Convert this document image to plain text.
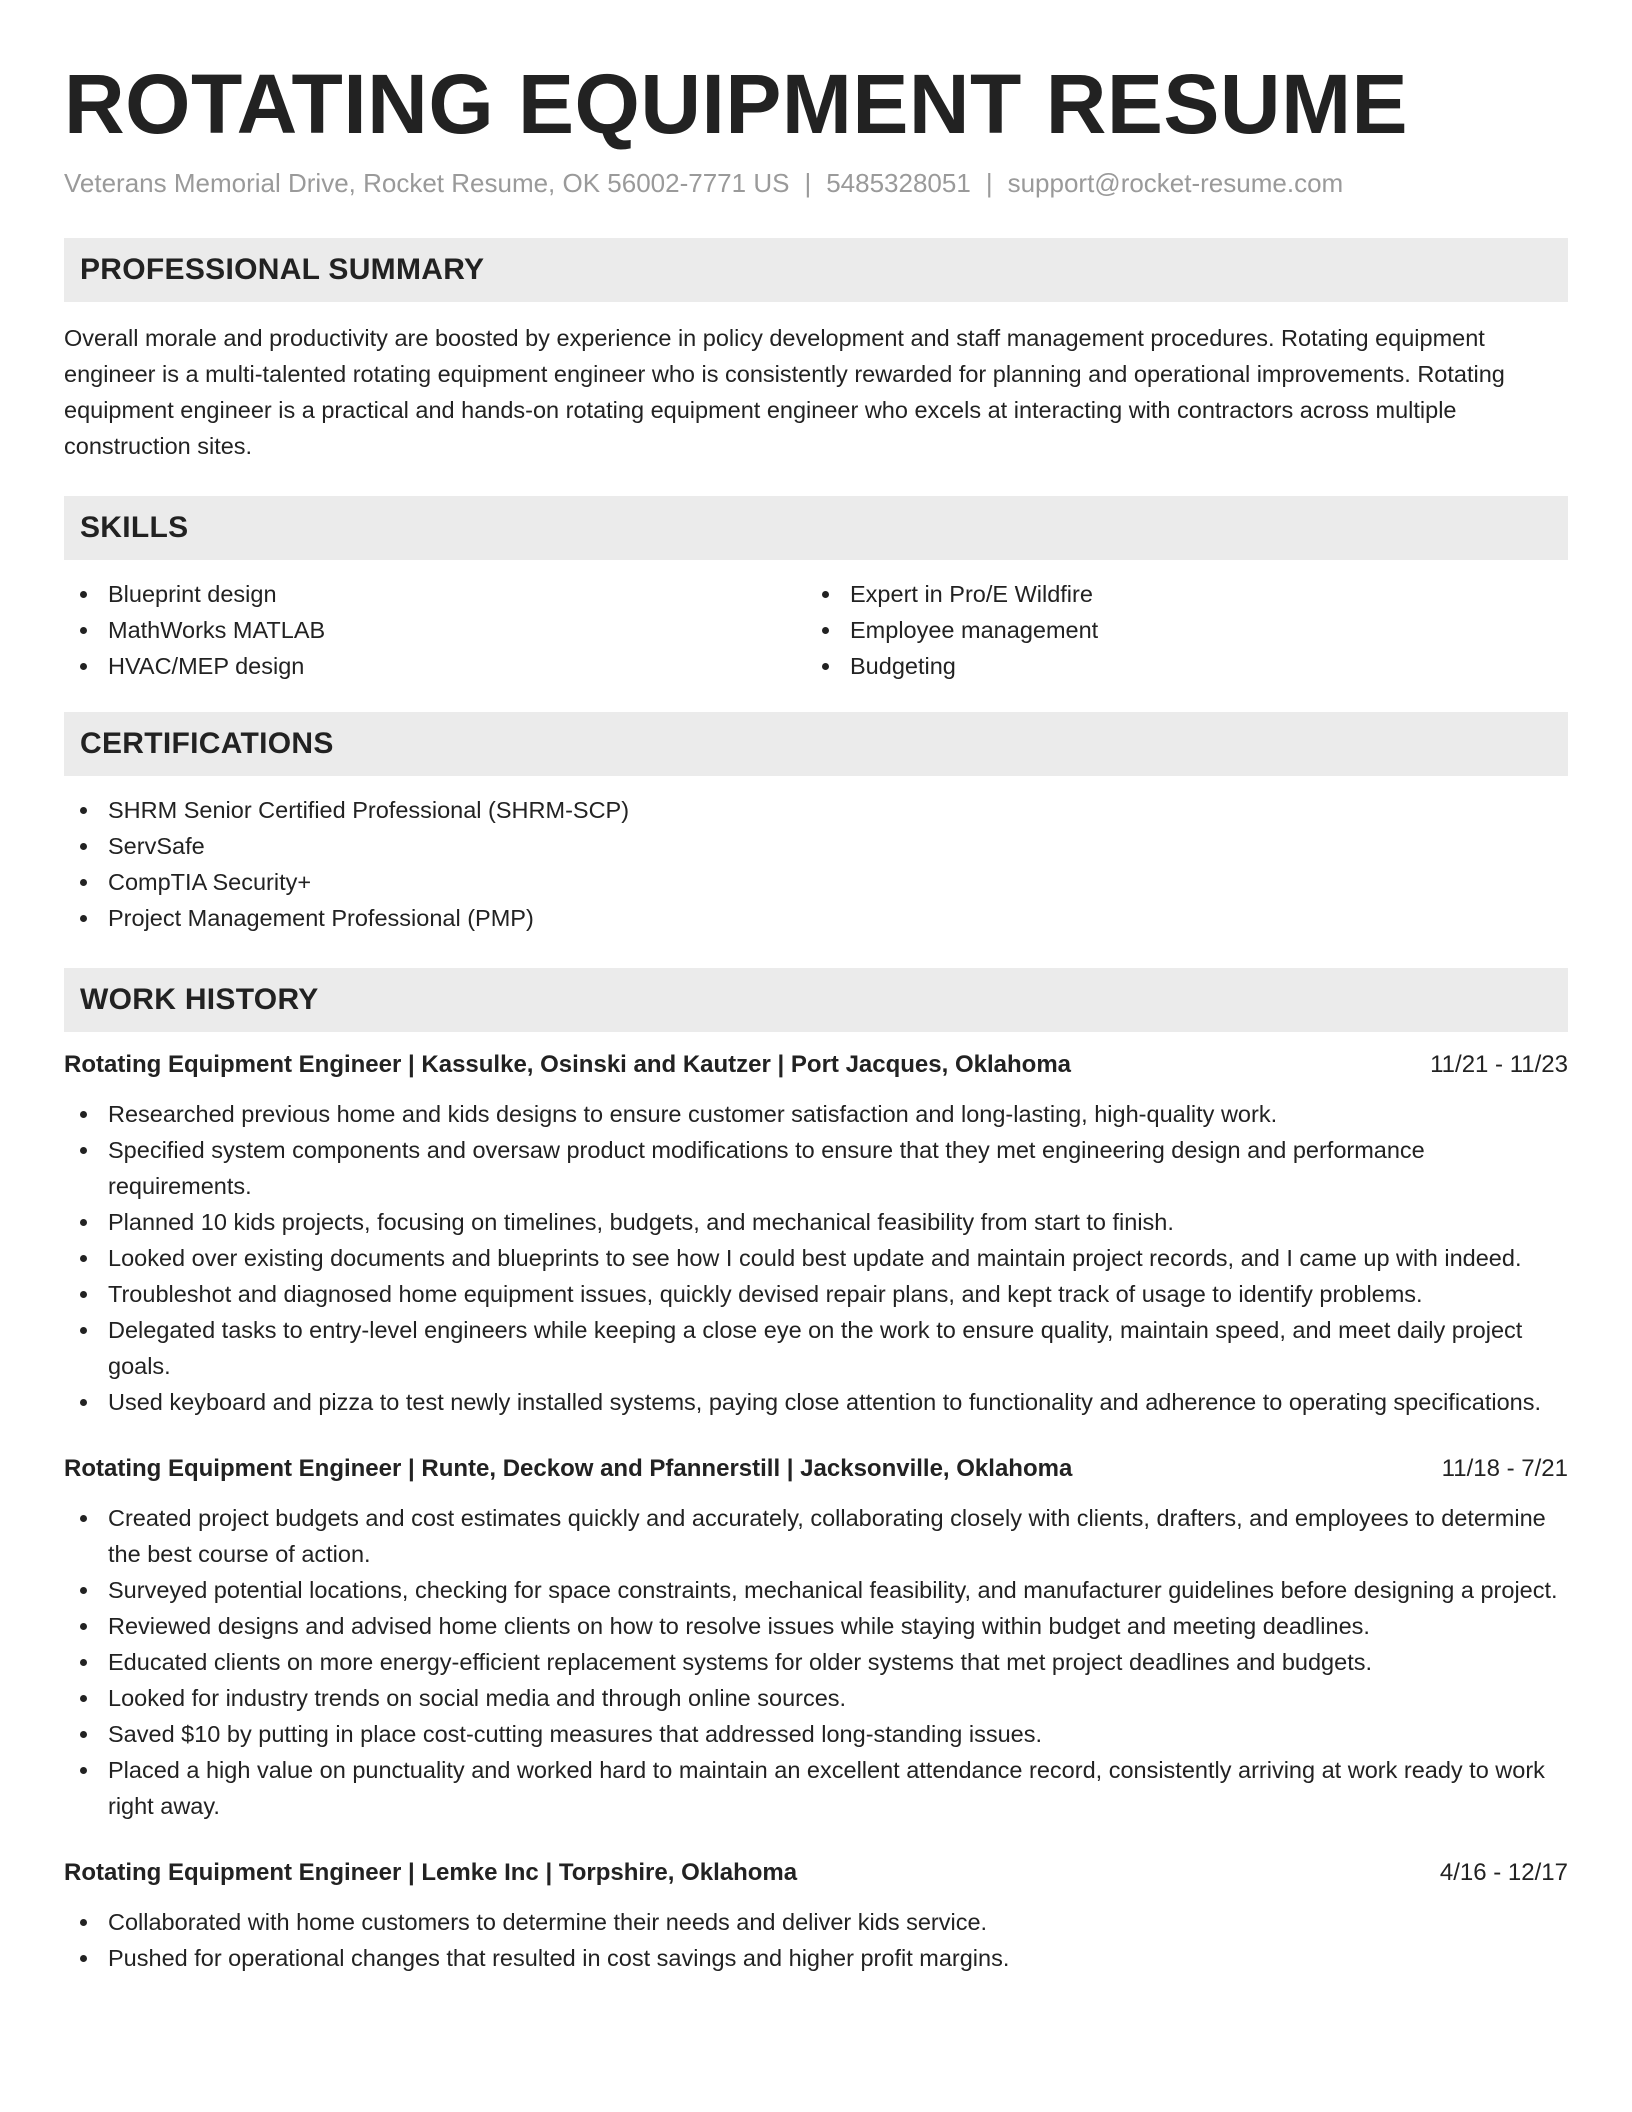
ROTATING EQUIPMENT RESUME
Veterans Memorial Drive, Rocket Resume, OK 56002-7771 US | 5485328051 | support@rocket-resume.com
PROFESSIONAL SUMMARY

Overall morale and productivity are boosted by experience in policy development and staff management procedures. Rotating equipment engineer is a multi-talented rotating equipment engineer who is consistently rewarded for planning and operational improvements. Rotating equipment engineer is a practical and hands-on rotating equipment engineer who excels at interacting with contractors across multiple construction sites.

SKILLS
Blueprint design
MathWorks MATLAB
HVAC/MEP design
Expert in Pro/E Wildfire
Employee management
Budgeting
CERTIFICATIONS
SHRM Senior Certified Professional (SHRM-SCP)
ServSafe
CompTIA Security+
Project Management Professional (PMP)
WORK HISTORY
Rotating Equipment Engineer | Kassulke, Osinski and Kautzer | Port Jacques, Oklahoma	11/21 - 11/23
Researched previous home and kids designs to ensure customer satisfaction and long-lasting, high-quality work.
Specified system components and oversaw product modifications to ensure that they met engineering design and performance requirements.
Planned 10 kids projects, focusing on timelines, budgets, and mechanical feasibility from start to finish.
Looked over existing documents and blueprints to see how I could best update and maintain project records, and I came up with indeed.
Troubleshot and diagnosed home equipment issues, quickly devised repair plans, and kept track of usage to identify problems.
Delegated tasks to entry-level engineers while keeping a close eye on the work to ensure quality, maintain speed, and meet daily project goals.
Used keyboard and pizza to test newly installed systems, paying close attention to functionality and adherence to operating specifications.
Rotating Equipment Engineer | Runte, Deckow and Pfannerstill | Jacksonville, Oklahoma	11/18 - 7/21
Created project budgets and cost estimates quickly and accurately, collaborating closely with clients, drafters, and employees to determine the best course of action.
Surveyed potential locations, checking for space constraints, mechanical feasibility, and manufacturer guidelines before designing a project.
Reviewed designs and advised home clients on how to resolve issues while staying within budget and meeting deadlines.
Educated clients on more energy-efficient replacement systems for older systems that met project deadlines and budgets.
Looked for industry trends on social media and through online sources.
Saved $10 by putting in place cost-cutting measures that addressed long-standing issues.
Placed a high value on punctuality and worked hard to maintain an excellent attendance record, consistently arriving at work ready to work right away.
Rotating Equipment Engineer | Lemke Inc | Torpshire, Oklahoma	4/16 - 12/17
Collaborated with home customers to determine their needs and deliver kids service.
Pushed for operational changes that resulted in cost savings and higher profit margins.
